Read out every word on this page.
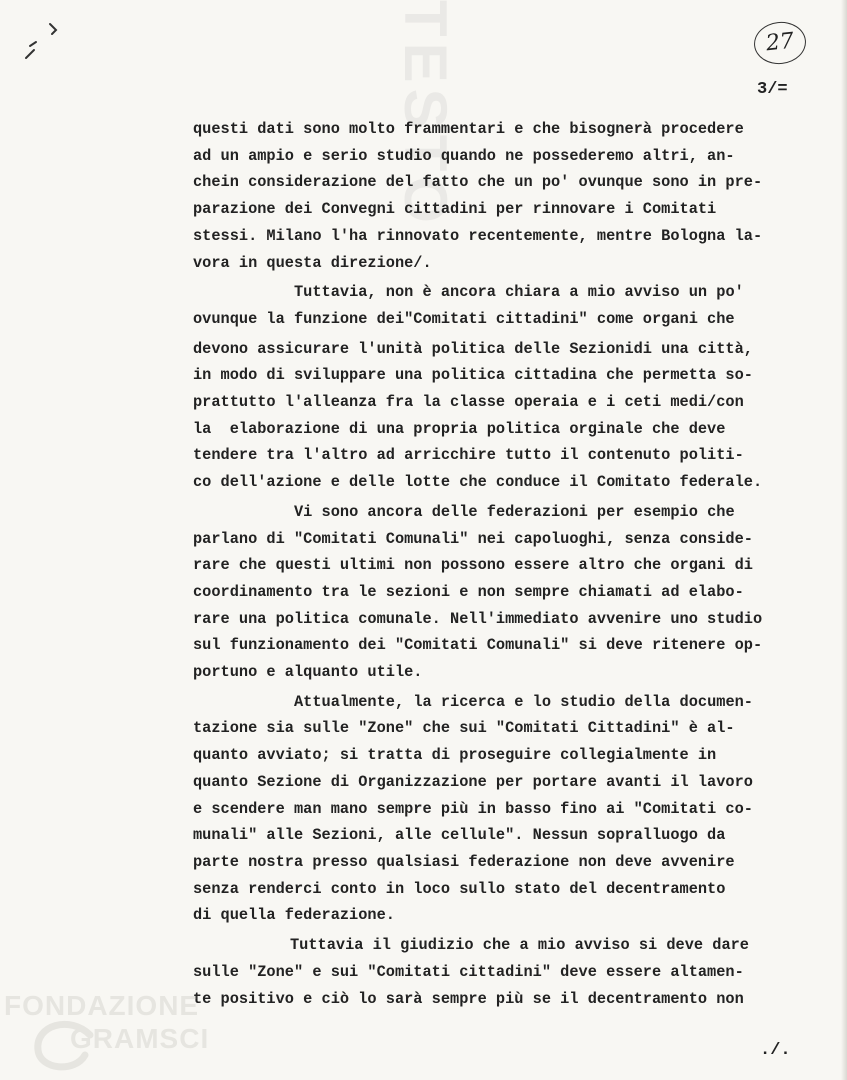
TESTO	27
3/=
questi dati sono molto frammentari e che bisognerà procedere
ad un ampio e serio studio quando ne possederemo altri, an-
chein considerazione del fatto che un po' ovunque sono in pre-
parazione dei Convegni cittadini per rinnovare i Comitati
stessi. Milano l'ha rinnovato recentemente, mentre Bologna la-
vora in questa direzione/.
Tuttavia, non è ancora chiara a mio avviso un po'
ovunque la funzione dei"Comitati cittadini" come organi che
devono assicurare l'unità politica delle Sezionidi una città,
in modo di sviluppare una politica cittadina che permetta so-
prattutto l'alleanza fra la classe operaia e i ceti medi/con
la  elaborazione di una propria politica orginale che deve
tendere tra l'altro ad arricchire tutto il contenuto politi-
co dell'azione e delle lotte che conduce il Comitato federale.
Vi sono ancora delle federazioni per esempio che
parlano di "Comitati Comunali" nei capoluoghi, senza conside-
rare che questi ultimi non possono essere altro che organi di
coordinamento tra le sezioni e non sempre chiamati ad elabo-
rare una politica comunale. Nell'immediato avvenire uno studio
sul funzionamento dei "Comitati Comunali" si deve ritenere op-
portuno e alquanto utile.
Attualmente, la ricerca e lo studio della documen-
tazione sia sulle "Zone" che sui "Comitati Cittadini" è al-
quanto avviato; si tratta di proseguire collegialmente in
quanto Sezione di Organizzazione per portare avanti il lavoro
e scendere man mano sempre più in basso fino ai "Comitati co-
munali" alle Sezioni, alle cellule". Nessun sopralluogo da
parte nostra presso qualsiasi federazione non deve avvenire
senza renderci conto in loco sullo stato del decentramento
di quella federazione.
Tuttavia il giudizio che a mio avviso si deve dare
sulle "Zone" e sui "Comitati cittadini" deve essere altamen-
te positivo e ciò lo sarà sempre più se il decentramento non
./.
FONDAZIONE
GRAMSCI
